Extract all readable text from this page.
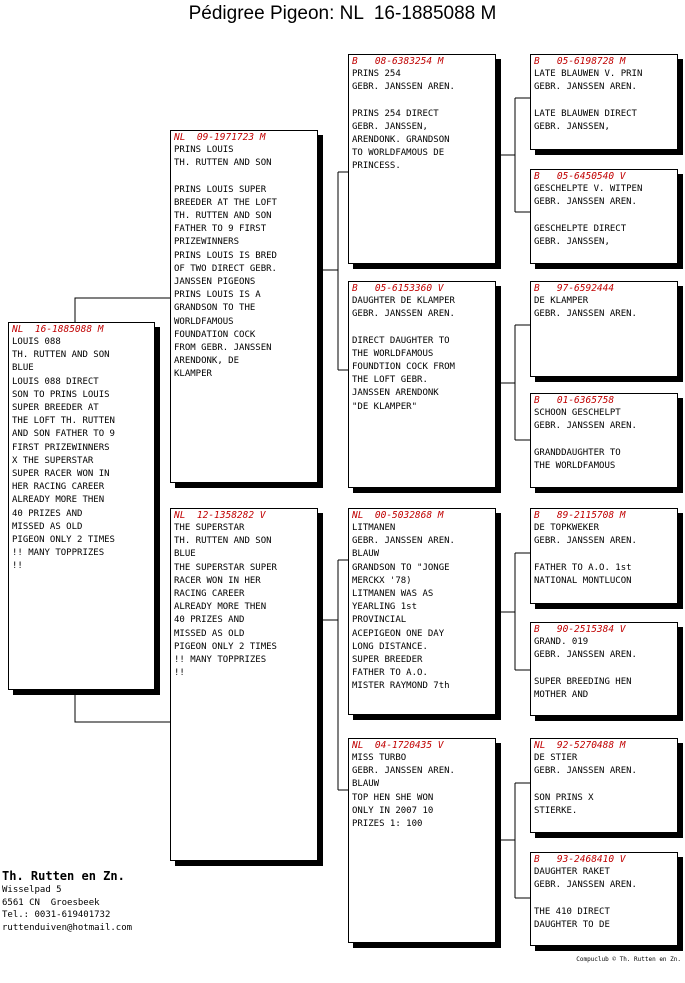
Pédigree Pigeon: NL  16-1885088 M
NL  16-1885088 M
LOUIS 088
TH. RUTTEN AND SON
BLUE
LOUIS 088 DIRECT
SON TO PRINS LOUIS
SUPER BREEDER AT
THE LOFT TH. RUTTEN
AND SON FATHER TO 9
FIRST PRIZEWINNERS
X THE SUPERSTAR
SUPER RACER WON IN
HER RACING CAREER
ALREADY MORE THEN
40 PRIZES AND
MISSED AS OLD
PIGEON ONLY 2 TIMES
!! MANY TOPPRIZES
!!
NL  09-1971723 M
PRINS LOUIS
TH. RUTTEN AND SON
PRINS LOUIS SUPER
BREEDER AT THE LOFT
TH. RUTTEN AND SON
FATHER TO 9 FIRST
PRIZEWINNERS
PRINS LOUIS IS BRED
OF TWO DIRECT GEBR.
JANSSEN PIGEONS
PRINS LOUIS IS A
GRANDSON TO THE
WORLDFAMOUS
FOUNDATION COCK
FROM GEBR. JANSSEN
ARENDONK, DE
KLAMPER
NL  12-1358282 V
THE SUPERSTAR
TH. RUTTEN AND SON
BLUE
THE SUPERSTAR SUPER
RACER WON IN HER
RACING CAREER
ALREADY MORE THEN
40 PRIZES AND
MISSED AS OLD
PIGEON ONLY 2 TIMES
!! MANY TOPPRIZES
!!
B   08-6383254 M
PRINS 254
GEBR. JANSSEN AREN.
PRINS 254 DIRECT
GEBR. JANSSEN,
ARENDONK. GRANDSON
TO WORLDFAMOUS DE
PRINCESS.
B   05-6153360 V
DAUGHTER DE KLAMPER
GEBR. JANSSEN AREN.
DIRECT DAUGHTER TO
THE WORLDFAMOUS
FOUNDTION COCK FROM
THE LOFT GEBR.
JANSSEN ARENDONK
"DE KLAMPER"
NL  00-5032868 M
LITMANEN
GEBR. JANSSEN AREN.
BLAUW
GRANDSON TO "JONGE
MERCKX '78)
LITMANEN WAS AS
YEARLING 1st
PROVINCIAL
ACEPIGEON ONE DAY
LONG DISTANCE.
SUPER BREEDER
FATHER TO A.O.
MISTER RAYMOND 7th
NL  04-1720435 V
MISS TURBO
GEBR. JANSSEN AREN.
BLAUW
TOP HEN SHE WON
ONLY IN 2007 10
PRIZES 1: 100
B   05-6198728 M
LATE BLAUWEN V. PRIN
GEBR. JANSSEN AREN.
LATE BLAUWEN DIRECT
GEBR. JANSSEN,
B   05-6450540 V
GESCHELPTE V. WITPEN
GEBR. JANSSEN AREN.
GESCHELPTE DIRECT
GEBR. JANSSEN,
B   97-6592444
DE KLAMPER
GEBR. JANSSEN AREN.
B   01-6365758
SCHOON GESCHELPT
GEBR. JANSSEN AREN.
GRANDDAUGHTER TO
THE WORLDFAMOUS
B   89-2115708 M
DE TOPKWEKER
GEBR. JANSSEN AREN.
FATHER TO A.O. 1st
NATIONAL MONTLUCON
B   90-2515384 V
GRAND. 019
GEBR. JANSSEN AREN.
SUPER BREEDING HEN
MOTHER AND
NL  92-5270488 M
DE STIER
GEBR. JANSSEN AREN.
SON PRINS X
STIERKE.
B   93-2468410 V
DAUGHTER RAKET
GEBR. JANSSEN AREN.
THE 410 DIRECT
DAUGHTER TO DE
Th. Rutten en Zn.
Wisselpad 5
6561 CN  Groesbeek
Tel.: 0031-619401732
ruttenduiven@hotmail.com
Compuclub © Th. Rutten en Zn.
